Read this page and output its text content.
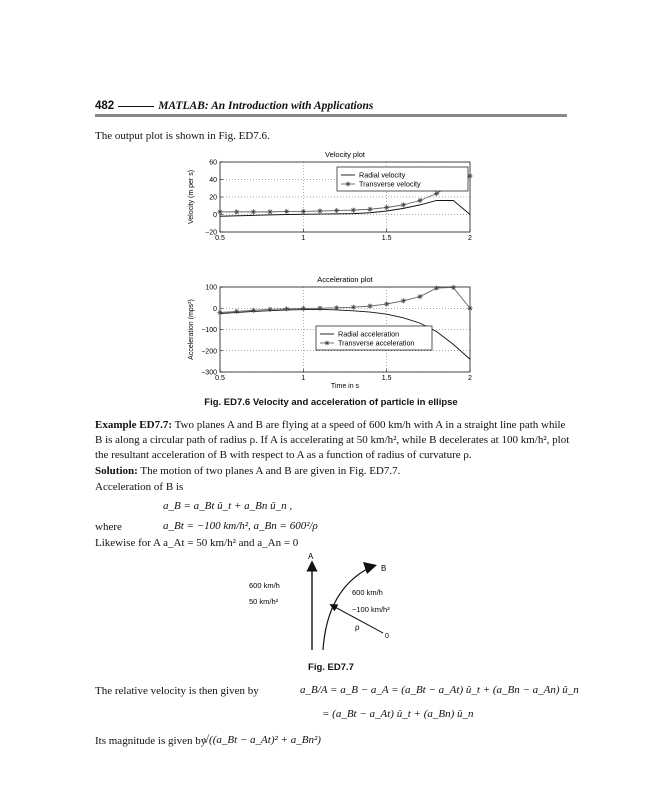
482	MATLAB: An Introduction with Applications
The output plot is shown in Fig. ED7.6.
Velocity plot
0.5	1	1.5	2
−20
0
20
40
60
Velocity (m per s)	Radial velocity
Transverse velocity
Acceleration plot
0.5	1	1.5	2
−300
−200
−100
0
100
Acceleration (mps²)
Time in s
Radial acceleration
Transverse acceleration
Fig. ED7.6 Velocity and acceleration of particle in ellipse
Example ED7.7: Two planes A and B are flying at a speed of 600 km/h with A in a straight line path while
B is along a circular path of radius ρ. If A is accelerating at 50 km/h², while B decelerates at 100 km/h², plot
the resultant acceleration of B with respect to A as a function of radius of curvature ρ.
Solution: The motion of two planes A and B are given in Fig. ED7.7.
Acceleration of B is
a_B = a_Bt û_t + a_Bn û_n ,
where	a_Bt = −100 km/h², a_Bn = 600²/ρ
Likewise for A a_At = 50 km/h² and a_An = 0
A
B
0
ρ
600 km/h
50 km/h²
600 km/h
−100 km/h²
Fig. ED7.7
The relative velocity is then given by	a_B/A = a_B − a_A = (a_Bt − a_At) û_t + (a_Bn − a_An) û_n
= (a_Bt − a_At) û_t + (a_Bn) û_n
Its magnitude is given by
√((a_Bt − a_At)² + a_Bn²)
